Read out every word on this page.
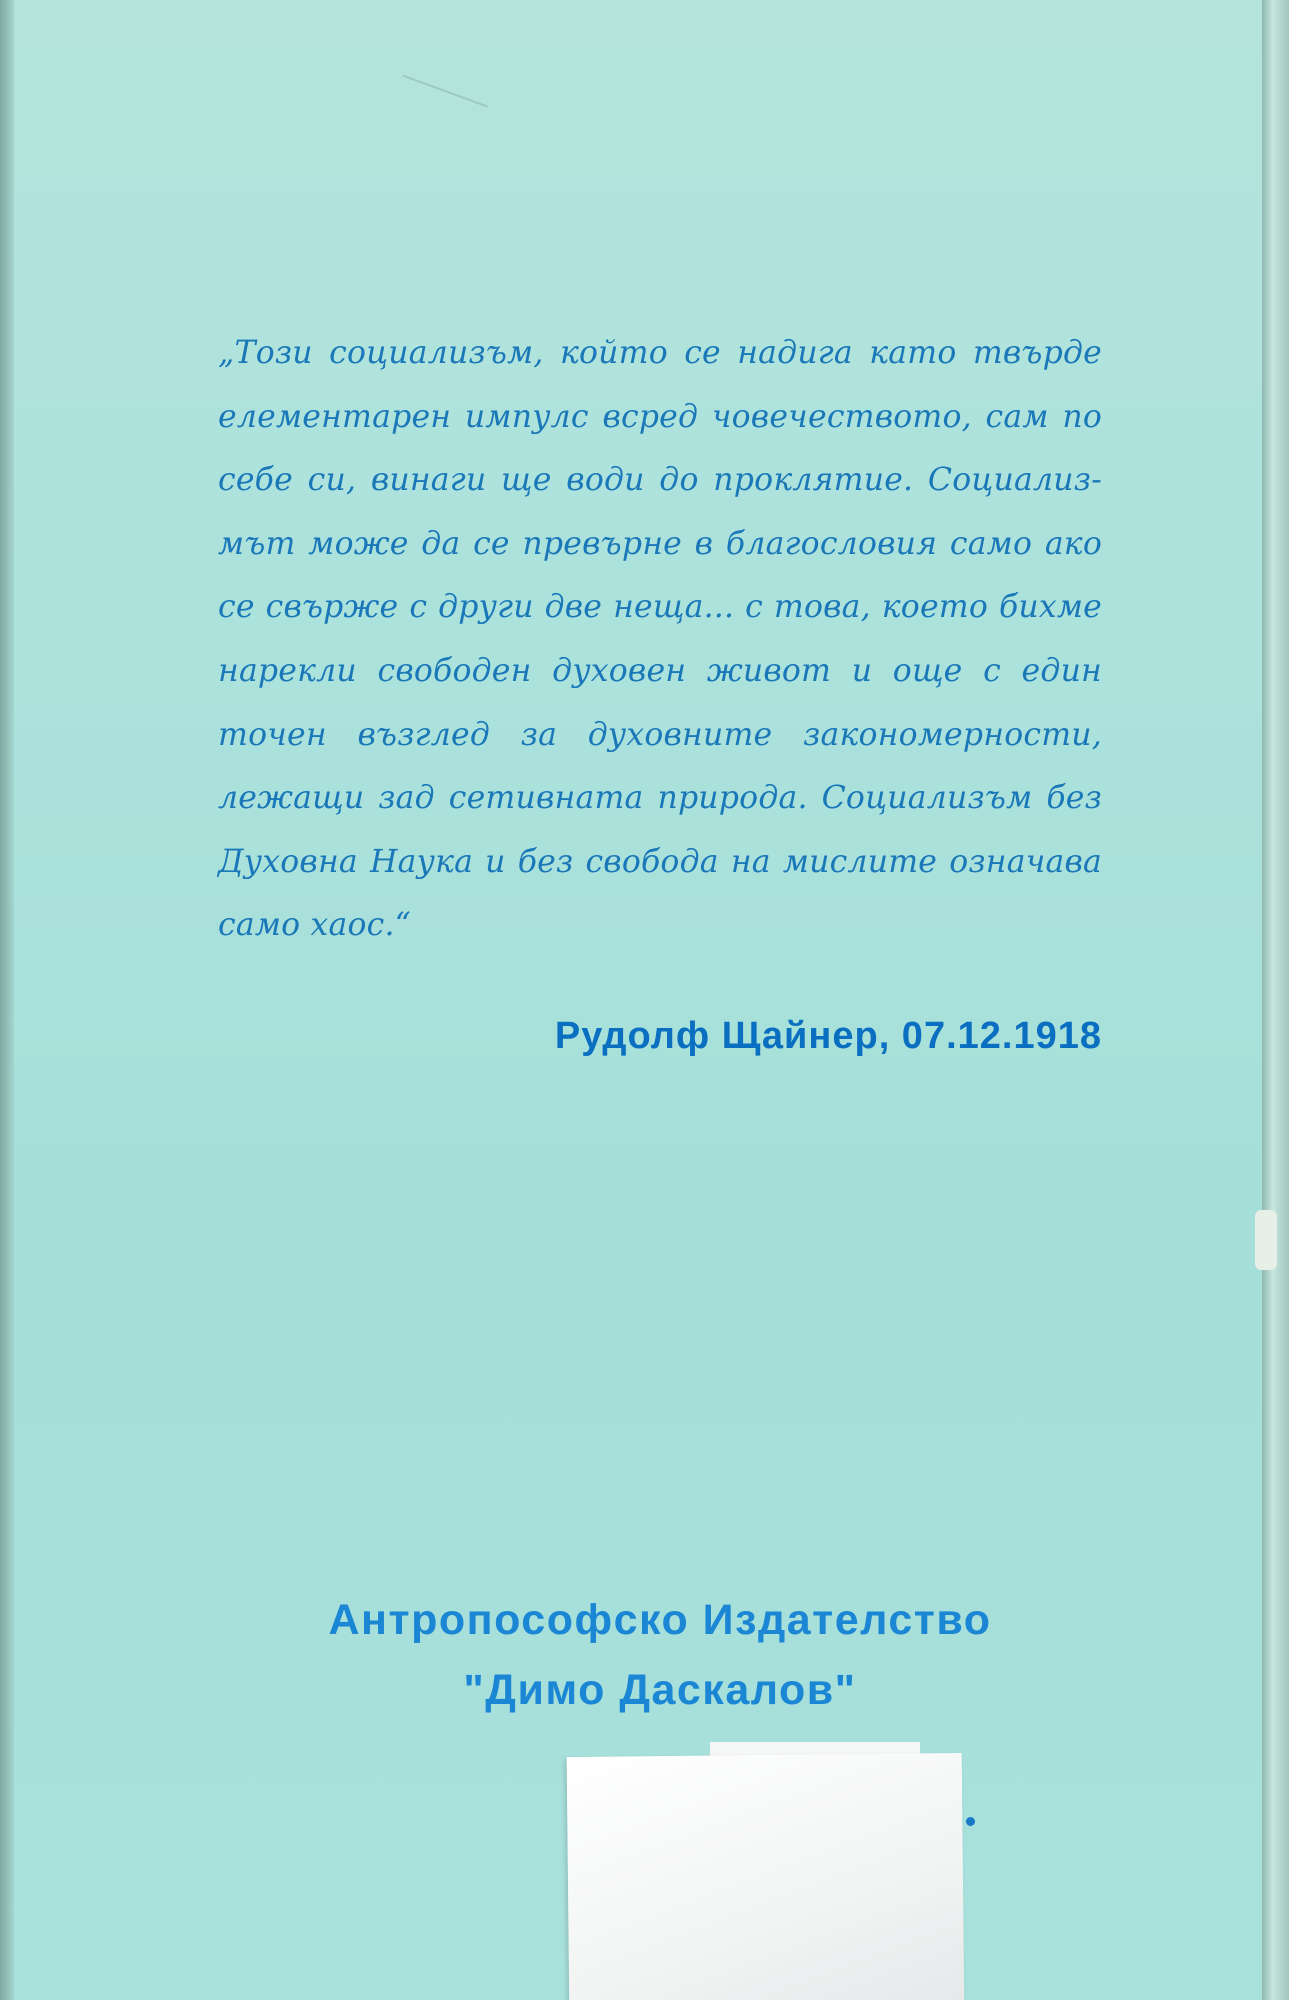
„Този социализъм, който се надига като твърде
елементарен импулс всред човечеството, сам по
себе си, винаги ще води до проклятие. Социализ-
мът може да се превърне в благословия само ако
се свърже с други две неща... с това, което бихме
нарекли свободен духовен живот и още с един
точен възглед за духовните закономерности,
лежащи зад сетивната природа. Социализъм без
Духовна Наука и без свобода на мислите означава
само хаос.“
Рудолф Щайнер, 07.12.1918
Антропософско Издателство
"Димо Даскалов"
